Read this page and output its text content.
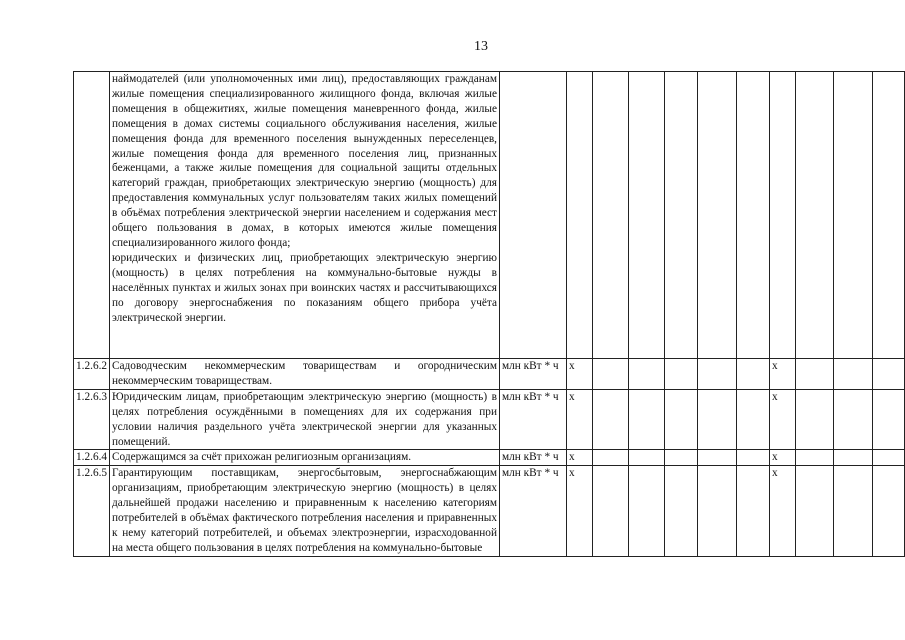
13

	наймодателей (или уполномоченных ими лиц), предоставляющих гражданам жилые помещения специализированного жилищного фонда, включая жилые помещения в общежитиях, жилые помещения маневренного фонда, жилые помещения в домах системы социального обслуживания населения, жилые помещения фонда для временного поселения вынужденных переселенцев, жилые помещения фонда для временного поселения лиц, признанных беженцами, а также жилые помещения для социальной защиты отдельных категорий граждан, приобретающих электрическую энергию (мощность) для предоставления коммунальных услуг пользователям таких жилых помещений в объёмах потребления электрической энергии населением и содержания мест общего пользования в домах, в которых имеются жилые помещения специализированного жилого фонда;

юридических и физических лиц, приобретающих электрическую энергию (мощность) в целях потребления на коммунально-бытовые нужды в населённых пунктах и жилых зонах при воинских частях и рассчитывающихся по договору энергоснабжения по показаниям общего прибора учёта электрической энергии.												

1.2.6.2	Садоводческим некоммерческим товариществам и огородническим некоммерческим товариществам.	млн кВт * ч	x						x				
1.2.6.3	Юридическим лицам, приобретающим электрическую энергию (мощность) в целях потребления осуждёнными в помещениях для их содержания при условии наличия раздельного учёта электрической энергии для указанных помещений.	млн кВт * ч	x						x				
1.2.6.4	Содержащимся за счёт прихожан религиозным организациям.	млн кВт * ч	x						x				
1.2.6.5	Гарантирующим поставщикам, энергосбытовым, энергоснабжающим организациям, приобретающим электрическую энергию (мощность) в целях дальнейшей продажи населению и приравненным к населению категориям потребителей в объёмах фактического потребления населения и приравненных к нему категорий потребителей, и объемах электроэнергии, израсходованной на места общего пользования в целях потребления на коммунально-бытовые	млн кВт * ч	x						x				
